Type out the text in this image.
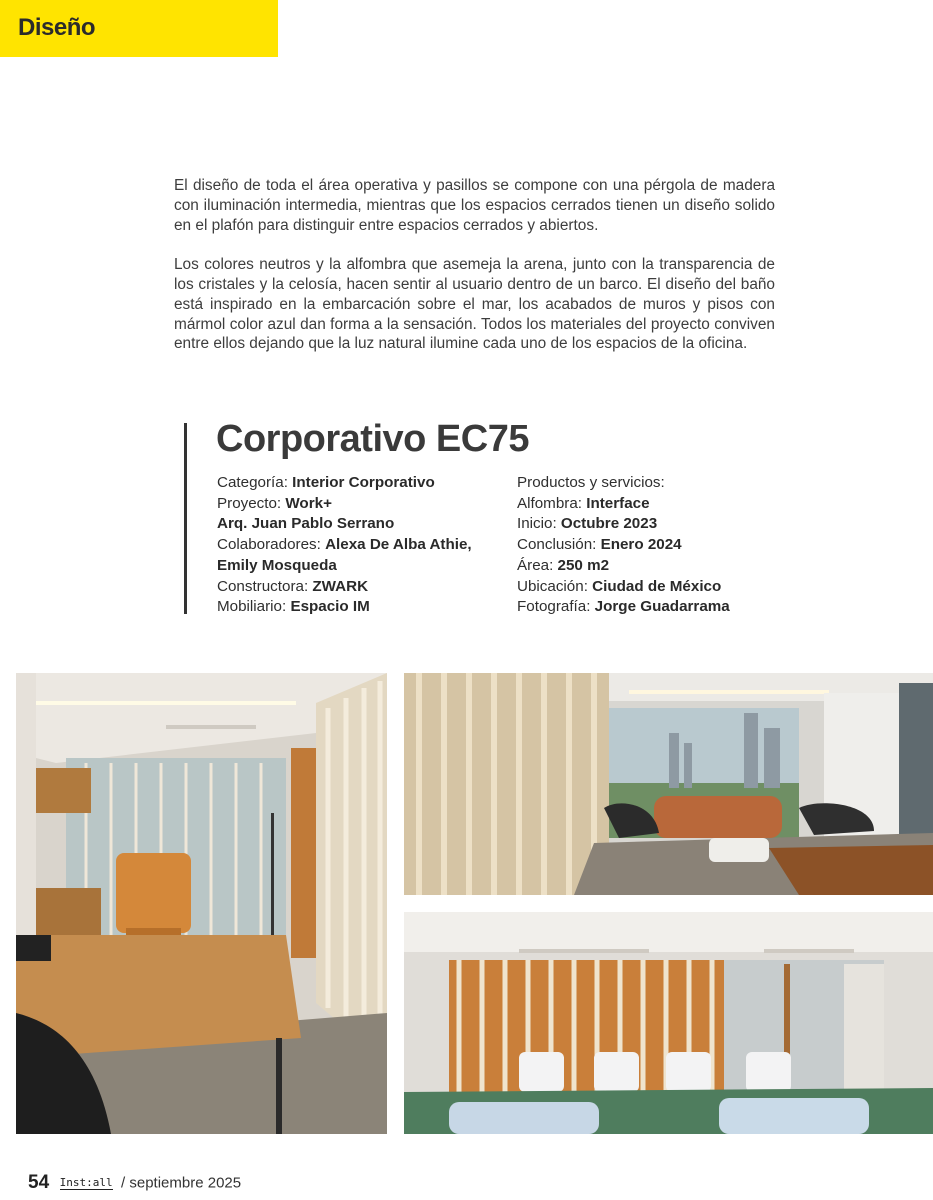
Diseño

El diseño de toda el área operativa y pasillos se compone con una pérgola de madera con iluminación intermedia, mientras que los espacios cerrados tienen un diseño solido en el plafón para distinguir entre espacios cerrados y abiertos.

Los colores neutros y la alfombra que asemeja la arena, junto con la transparencia de los cristales y la celosía, hacen sentir al usuario dentro de un barco. El diseño del baño está inspirado en la embarcación sobre el mar, los acabados de muros y pisos con mármol color azul dan forma a la sensación. Todos los materiales del proyecto conviven entre ellos dejando que la luz natural ilumine cada uno de los espacios de la oficina.

Corporativo EC75
Categoría: Interior Corporativo
Proyecto: Work+
Arq. Juan Pablo Serrano
Colaboradores: Alexa De Alba Athie,
Emily Mosqueda
Constructora: ZWARK
Mobiliario: Espacio IM
Productos y servicios:
Alfombra: Interface
Inicio: Octubre 2023
Conclusión: Enero 2024
Área: 250 m2
Ubicación: Ciudad de México
Fotografía: Jorge Guadarrama
54 Inst:all / septiembre 2025
